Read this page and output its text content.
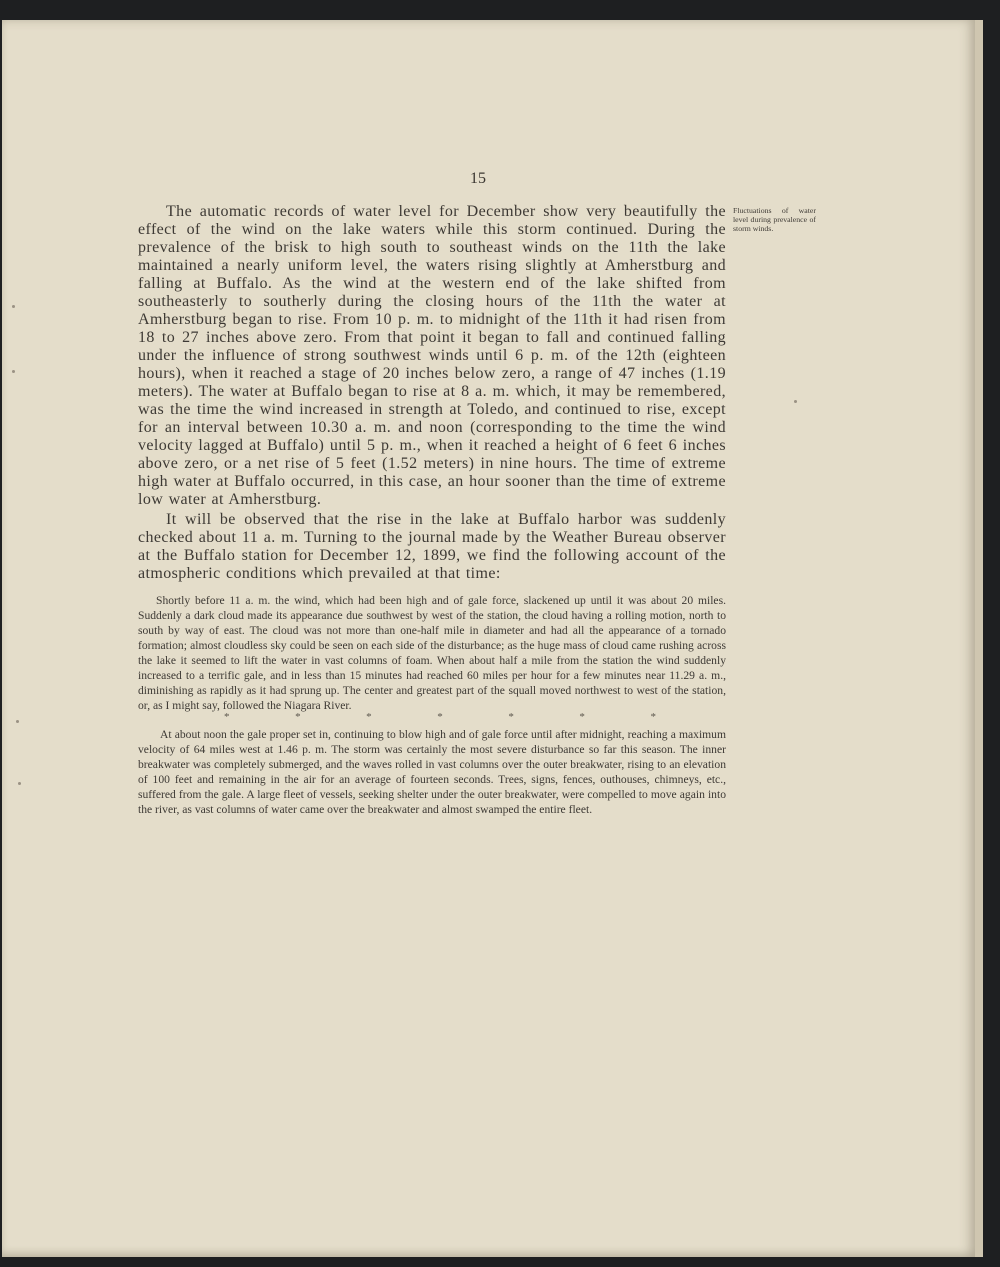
15
Fluctuations of water level during prevalence of storm winds.

The automatic records of water level for December show very beautifully the effect of the wind on the lake waters while this storm continued. During the prevalence of the brisk to high south to southeast winds on the 11th the lake maintained a nearly uniform level, the waters rising slightly at Amherstburg and falling at Buffalo. As the wind at the western end of the lake shifted from southeasterly to southerly during the closing hours of the 11th the water at Amherstburg began to rise. From 10 p. m. to midnight of the 11th it had risen from 18 to 27 inches above zero. From that point it began to fall and continued falling under the influence of strong southwest winds until 6 p. m. of the 12th (eighteen hours), when it reached a stage of 20 inches below zero, a range of 47 inches (1.19 meters). The water at Buffalo began to rise at 8 a. m. which, it may be remembered, was the time the wind increased in strength at Toledo, and continued to rise, except for an interval between 10.30 a. m. and noon (corresponding to the time the wind velocity lagged at Buffalo) until 5 p. m., when it reached a height of 6 feet 6 inches above zero, or a net rise of 5 feet (1.52 meters) in nine hours. The time of extreme high water at Buffalo occurred, in this case, an hour sooner than the time of extreme low water at Amherstburg.

It will be observed that the rise in the lake at Buffalo harbor was suddenly checked about 11 a. m. Turning to the journal made by the Weather Bureau observer at the Buffalo station for December 12, 1899, we find the following account of the atmospheric conditions which prevailed at that time:

Shortly before 11 a. m. the wind, which had been high and of gale force, slackened up until it was about 20 miles. Suddenly a dark cloud made its appearance due southwest by west of the station, the cloud having a rolling motion, north to south by way of east. The cloud was not more than one-half mile in diameter and had all the appearance of a tornado formation; almost cloudless sky could be seen on each side of the disturbance; as the huge mass of cloud came rushing across the lake it seemed to lift the water in vast columns of foam. When about half a mile from the station the wind suddenly increased to a terrific gale, and in less than 15 minutes had reached 60 miles per hour for a few minutes near 11.29 a. m., diminishing as rapidly as it had sprung up. The center and greatest part of the squall moved northwest to west of the station, or, as I might say, followed the Niagara River.

*	*	*	*	*	*	*

At about noon the gale proper set in, continuing to blow high and of gale force until after midnight, reaching a maximum velocity of 64 miles west at 1.46 p. m. The storm was certainly the most severe disturbance so far this season. The inner breakwater was completely submerged, and the waves rolled in vast columns over the outer breakwater, rising to an elevation of 100 feet and remaining in the air for an average of fourteen seconds. Trees, signs, fences, outhouses, chimneys, etc., suffered from the gale. A large fleet of vessels, seeking shelter under the outer breakwater, were compelled to move again into the river, as vast columns of water came over the breakwater and almost swamped the entire fleet.
